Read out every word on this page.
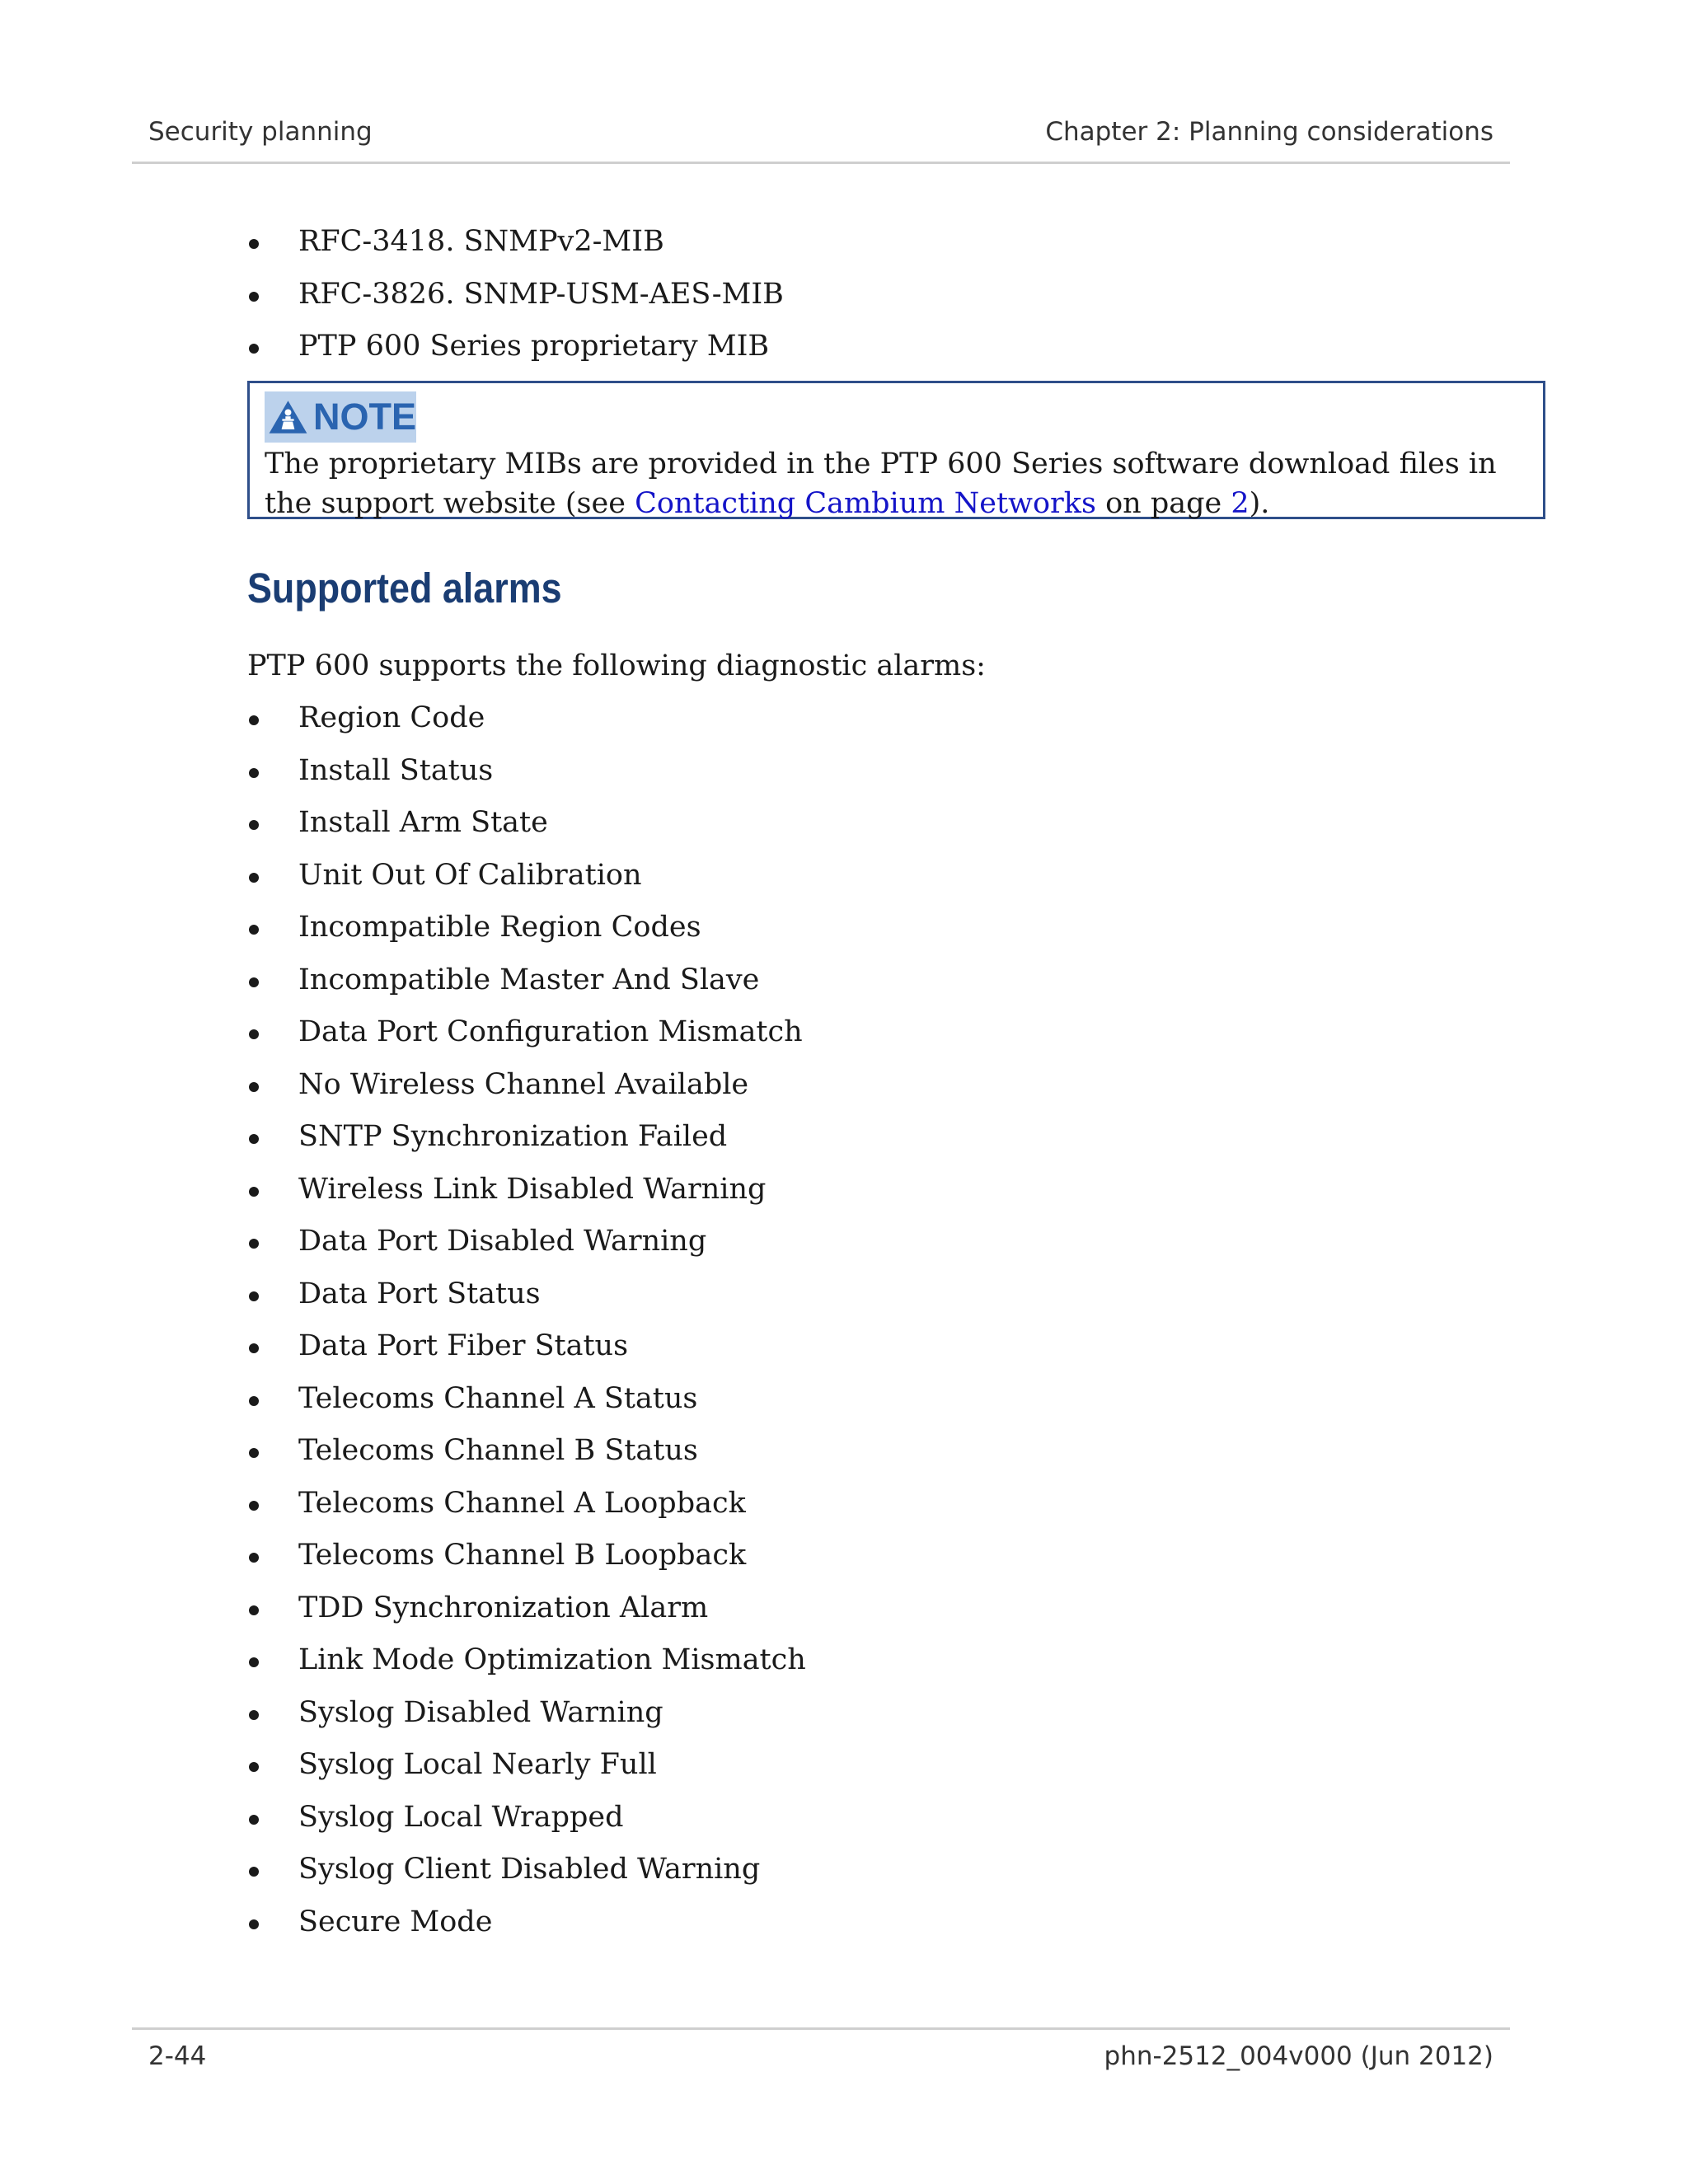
Security planning	Chapter 2: Planning considerations
RFC-3418. SNMPv2-MIB
RFC-3826. SNMP-USM-AES-MIB
PTP 600 Series proprietary MIB
NOTE
The proprietary MIBs are provided in the PTP 600 Series software download files in the support website (see Contacting Cambium Networks on page 2).
Supported alarms
PTP 600 supports the following diagnostic alarms:
Region Code
Install Status
Install Arm State
Unit Out Of Calibration
Incompatible Region Codes
Incompatible Master And Slave
Data Port Configuration Mismatch
No Wireless Channel Available
SNTP Synchronization Failed
Wireless Link Disabled Warning
Data Port Disabled Warning
Data Port Status
Data Port Fiber Status
Telecoms Channel A Status
Telecoms Channel B Status
Telecoms Channel A Loopback
Telecoms Channel B Loopback
TDD Synchronization Alarm
Link Mode Optimization Mismatch
Syslog Disabled Warning
Syslog Local Nearly Full
Syslog Local Wrapped
Syslog Client Disabled Warning
Secure Mode
2-44	phn-2512_004v000 (Jun 2012)
